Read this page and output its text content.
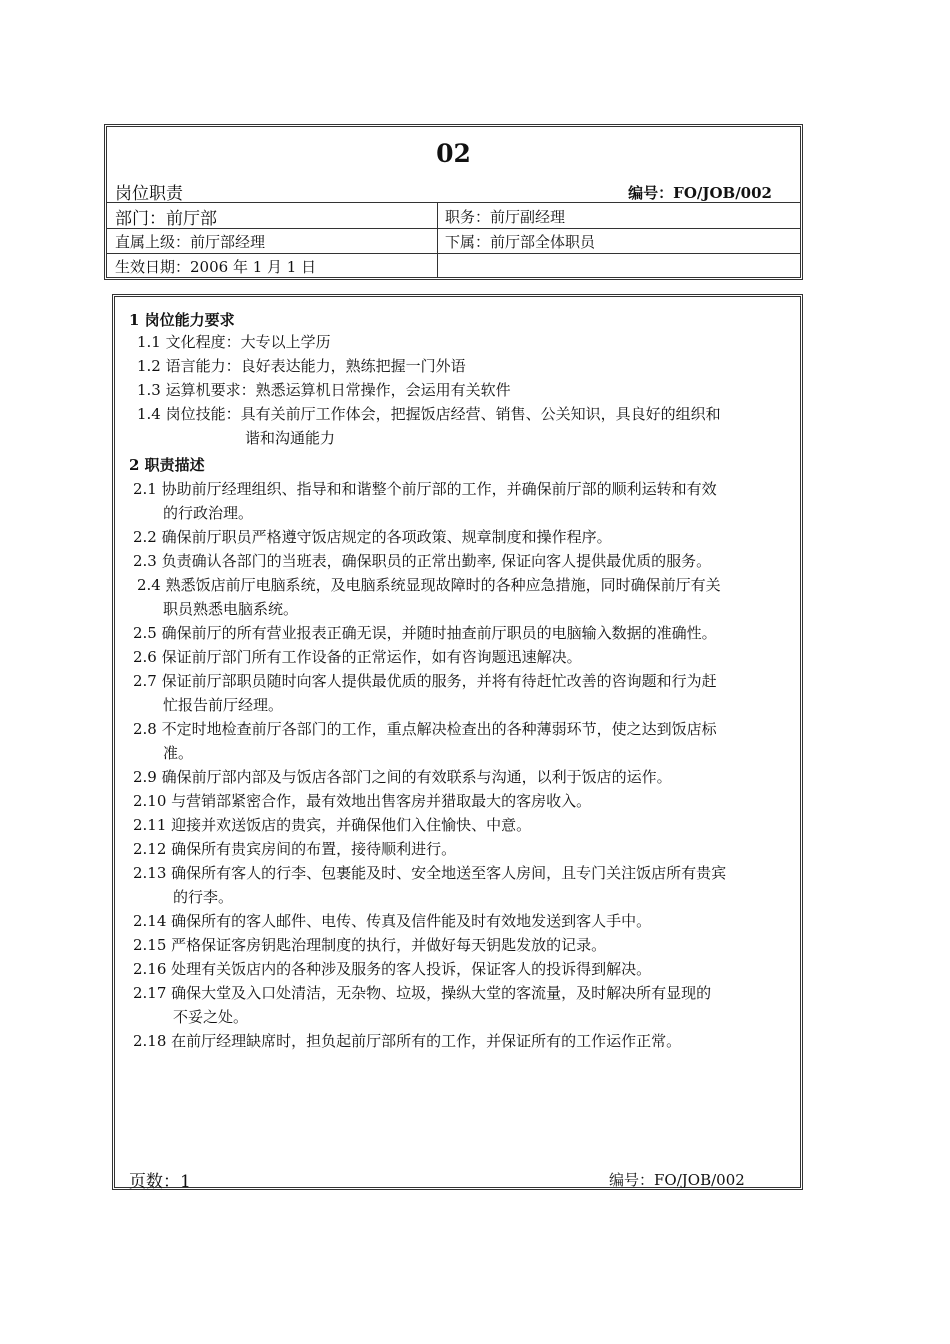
02
岗位职责	编号：FO/JOB/002
部门：前厅部	职务：前厅副经理
直属上级：前厅部经理	下属：前厅部全体职员
生效日期：2006 年 1 月 1 日
1 岗位能力要求
1.1 文化程度：大专以上学历
1.2 语言能力：良好表达能力，熟练把握一门外语
1.3 运算机要求：熟悉运算机日常操作，会运用有关软件
1.4 岗位技能：具有关前厅工作体会，把握饭店经营、销售、公关知识，具良好的组织和
谐和沟通能力
2 职责描述
2.1 协助前厅经理组织、指导和和谐整个前厅部的工作，并确保前厅部的顺利运转和有效
的行政治理。
2.2 确保前厅职员严格遵守饭店规定的各项政策、规章制度和操作程序。
2.3 负责确认各部门的当班表，确保职员的正常出勤率, 保证向客人提供最优质的服务。
2.4 熟悉饭店前厅电脑系统，及电脑系统显现故障时的各种应急措施，同时确保前厅有关
职员熟悉电脑系统。
2.5 确保前厅的所有营业报表正确无误，并随时抽查前厅职员的电脑输入数据的准确性。
2.6 保证前厅部门所有工作设备的正常运作，如有咨询题迅速解决。
2.7 保证前厅部职员随时向客人提供最优质的服务，并将有待赶忙改善的咨询题和行为赶
忙报告前厅经理。
2.8 不定时地检查前厅各部门的工作，重点解决检查出的各种薄弱环节，使之达到饭店标
准。
2.9 确保前厅部内部及与饭店各部门之间的有效联系与沟通，以利于饭店的运作。
2.10 与营销部紧密合作，最有效地出售客房并猎取最大的客房收入。
2.11 迎接并欢送饭店的贵宾，并确保他们入住愉快、中意。
2.12 确保所有贵宾房间的布置，接待顺利进行。
2.13 确保所有客人的行李、包裹能及时、安全地送至客人房间，且专门关注饭店所有贵宾
的行李。
2.14 确保所有的客人邮件、电传、传真及信件能及时有效地发送到客人手中。
2.15 严格保证客房钥匙治理制度的执行，并做好每天钥匙发放的记录。
2.16 处理有关饭店内的各种涉及服务的客人投诉，保证客人的投诉得到解决。
2.17 确保大堂及入口处清洁，无杂物、垃圾，操纵大堂的客流量，及时解决所有显现的
不妥之处。
2.18 在前厅经理缺席时，担负起前厅部所有的工作，并保证所有的工作运作正常。
页数：1	编号：FO/JOB/002
